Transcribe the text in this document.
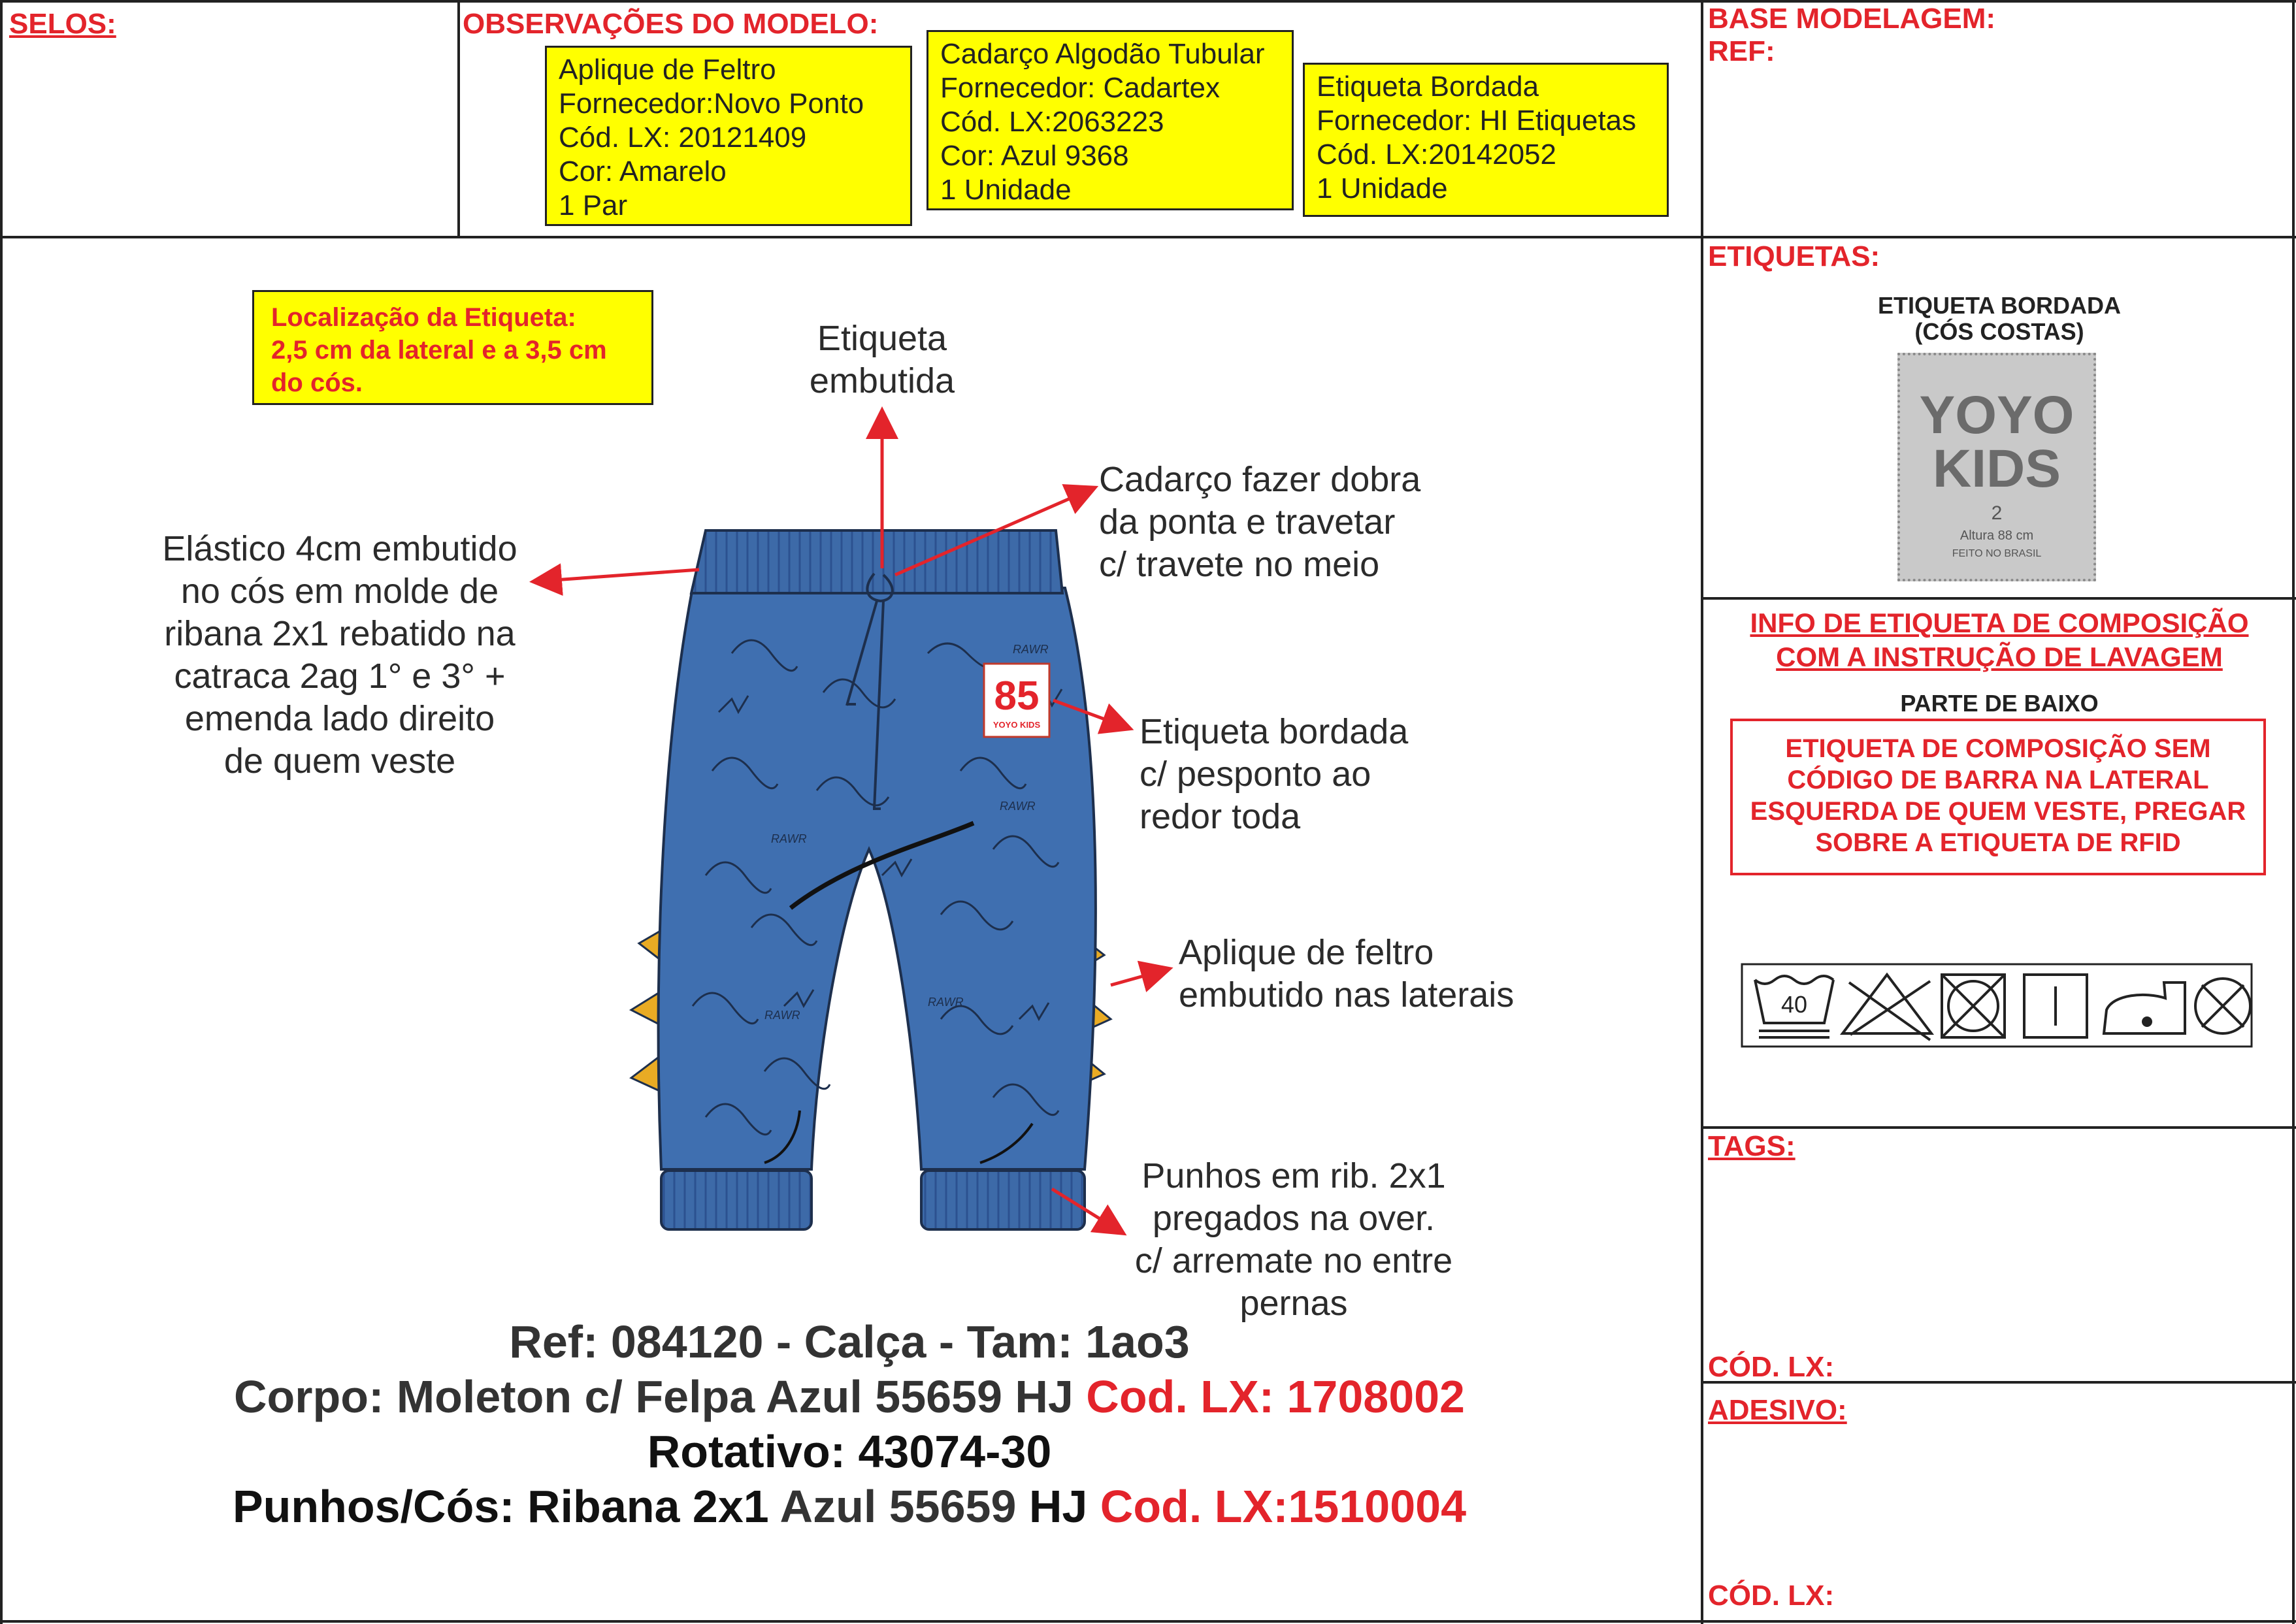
SELOS:	OBSERVAÇÕES DO MODELO:	BASE MODELAGEM:
REF:
Aplique de Feltro
Fornecedor:Novo Ponto
Cód. LX: 20121409
Cor: Amarelo
1 Par
Cadarço Algodão Tubular
Fornecedor: Cadartex
Cód. LX:2063223
Cor: Azul 9368
1 Unidade
Etiqueta Bordada
Fornecedor: HI Etiquetas
Cód. LX:20142052
1 Unidade
Localização da Etiqueta:
2,5 cm da lateral e a 3,5 cm
do cós.
Etiqueta
embutida
Cadarço fazer dobra
da ponta e travetar
c/ travete no meio
Elástico 4cm embutido
no cós em molde de
ribana 2x1 rebatido na
catraca 2ag 1° e 3° +
emenda lado direito
de quem veste
Etiqueta bordada
c/ pesponto ao
redor toda
Aplique de feltro
embutido nas laterais
Punhos em rib. 2x1
pregados na over.
c/ arremate no entre
pernas
RAWR
RAWR
RAWR
RAWR
RAWR
85
YOYO KIDS
Ref: 084120 - Calça - Tam: 1ao3
Corpo: Moleton c/ Felpa Azul 55659 HJ Cod. LX: 1708002
Rotativo: 43074-30
Punhos/Cós: Ribana 2x1 Azul 55659 HJ Cod. LX:1510004
ETIQUETAS:
ETIQUETA BORDADA
(CÓS COSTAS)
YOYO
KIDS
2
Altura 88 cm
FEITO NO BRASIL
INFO DE ETIQUETA DE COMPOSIÇÃO
COM A INSTRUÇÃO DE LAVAGEM
PARTE DE BAIXO
ETIQUETA DE COMPOSIÇÃO SEM
CÓDIGO DE BARRA NA LATERAL
ESQUERDA DE QUEM VESTE, PREGAR
SOBRE A ETIQUETA DE RFID
40
TAGS:
CÓD. LX:
ADESIVO:
CÓD. LX:
